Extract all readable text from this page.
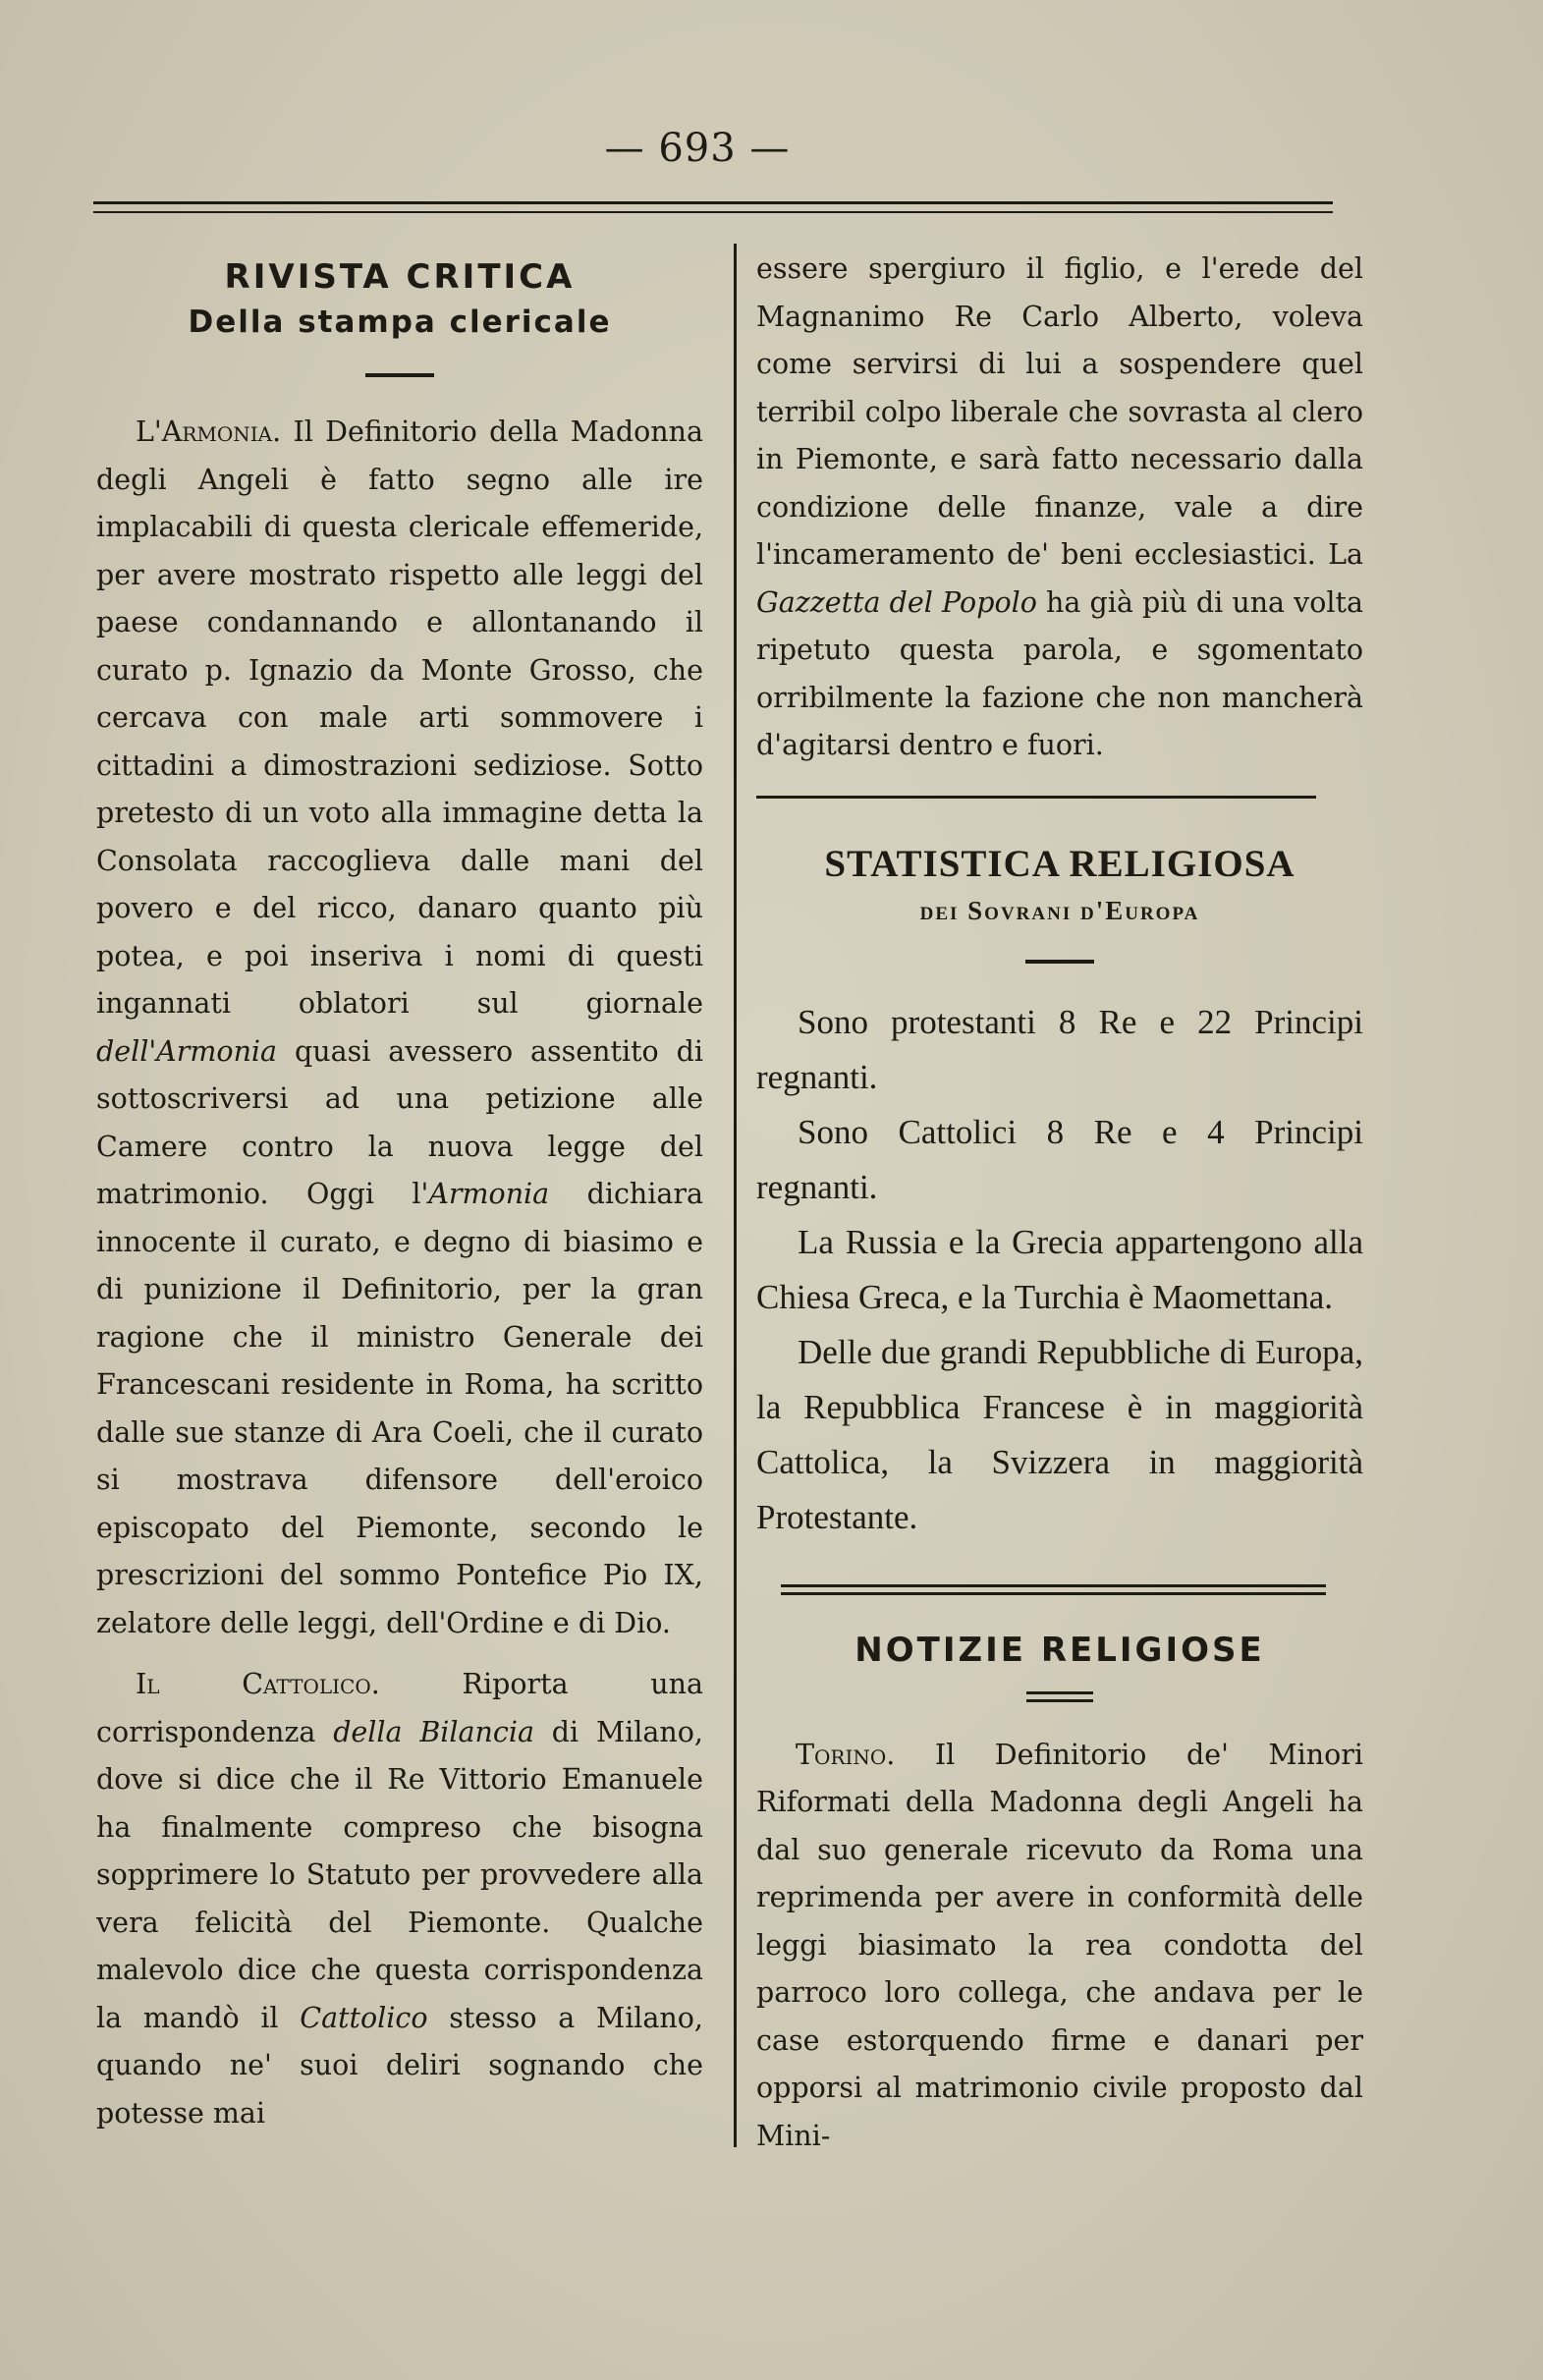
— 693 —
RIVISTA CRITICA
Della stampa clericale

L'Armonia. Il Definitorio della Madonna degli Angeli è fatto segno alle ire implacabili di questa clericale effemeride, per avere mostrato rispetto alle leggi del paese condannando e allontanando il curato p. Ignazio da Monte Grosso, che cercava con male arti sommovere i cittadini a dimostrazioni sediziose. Sotto pretesto di un voto alla immagine detta la Consolata raccoglieva dalle mani del povero e del ricco, danaro quanto più potea, e poi inseriva i nomi di questi ingannati oblatori sul giornale dell'Armonia quasi avessero assentito di sottoscriversi ad una petizione alle Camere contro la nuova legge del matrimonio. Oggi l'Armonia dichiara innocente il curato, e degno di biasimo e di punizione il Definitorio, per la gran ragione che il ministro Generale dei Francescani residente in Roma, ha scritto dalle sue stanze di Ara Coeli, che il curato si mostrava difensore dell'eroico episcopato del Piemonte, secondo le prescrizioni del sommo Pontefice Pio IX, zelatore delle leggi, dell'Ordine e di Dio.

Il Cattolico. Riporta una corrispondenza della Bilancia di Milano, dove si dice che il Re Vittorio Emanuele ha finalmente compreso che bisogna sopprimere lo Statuto per provvedere alla vera felicità del Piemonte. Qualche malevolo dice che questa corrispondenza la mandò il Cattolico stesso a Milano, quando ne' suoi deliri sognando che potesse mai

essere spergiuro il figlio, e l'erede del Magnanimo Re Carlo Alberto, voleva come servirsi di lui a sospendere quel terribil colpo liberale che sovrasta al clero in Piemonte, e sarà fatto necessario dalla condizione delle finanze, vale a dire l'incameramento de' beni ecclesiastici. La Gazzetta del Popolo ha già più di una volta ripetuto questa parola, e sgomentato orribilmente la fazione che non mancherà d'agitarsi dentro e fuori.

STATISTICA RELIGIOSA
dei Sovrani d'Europa

Sono protestanti 8 Re e 22 Principi regnanti.

Sono Cattolici 8 Re e 4 Principi regnanti.

La Russia e la Grecia appartengono alla Chiesa Greca, e la Turchia è Maomettana.

Delle due grandi Repubbliche di Europa, la Repubblica Francese è in maggiorità Cattolica, la Svizzera in maggiorità Protestante.

NOTIZIE RELIGIOSE

Torino. Il Definitorio de' Minori Riformati della Madonna degli Angeli ha dal suo generale ricevuto da Roma una reprimenda per avere in conformità delle leggi biasimato la rea condotta del parroco loro collega, che andava per le case estorquendo firme e danari per opporsi al matrimonio civile proposto dal Mini-
